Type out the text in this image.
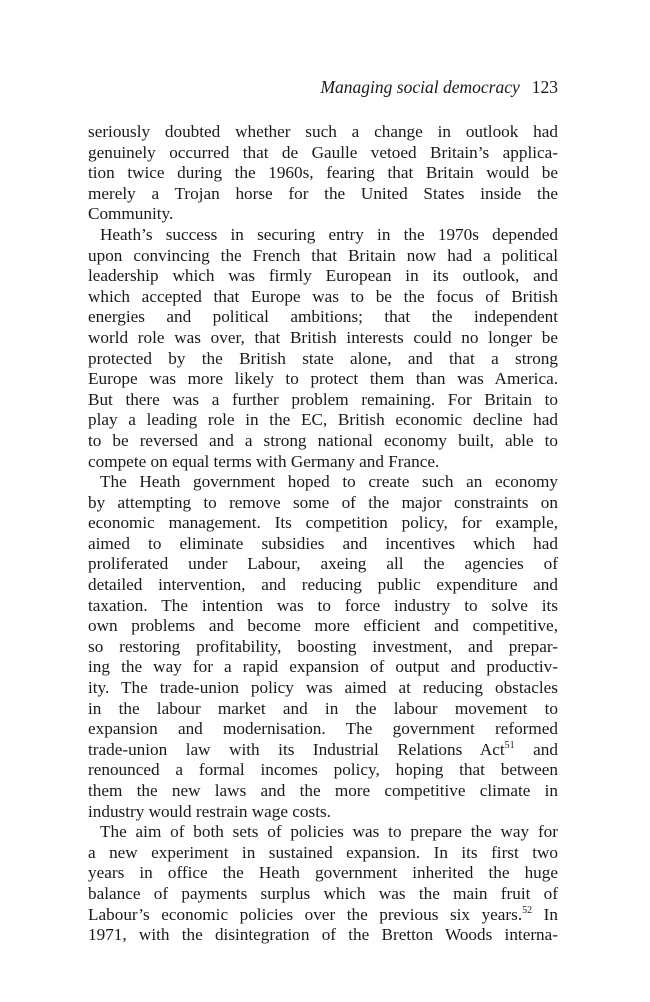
Managing social democracy 123
seriously doubted whether such a change in outlook had
genuinely occurred that de Gaulle vetoed Britain’s applica-
tion twice during the 1960s, fearing that Britain would be
merely a Trojan horse for the United States inside the
Community.
Heath’s success in securing entry in the 1970s depended
upon convincing the French that Britain now had a political
leadership which was firmly European in its outlook, and
which accepted that Europe was to be the focus of British
energies and political ambitions; that the independent
world role was over, that British interests could no longer be
protected by the British state alone, and that a strong
Europe was more likely to protect them than was America.
But there was a further problem remaining. For Britain to
play a leading role in the EC, British economic decline had
to be reversed and a strong national economy built, able to
compete on equal terms with Germany and France.
The Heath government hoped to create such an economy
by attempting to remove some of the major constraints on
economic management. Its competition policy, for example,
aimed to eliminate subsidies and incentives which had
proliferated under Labour, axeing all the agencies of
detailed intervention, and reducing public expenditure and
taxation. The intention was to force industry to solve its
own problems and become more efficient and competitive,
so restoring profitability, boosting investment, and prepar-
ing the way for a rapid expansion of output and productiv-
ity. The trade-union policy was aimed at reducing obstacles
in the labour market and in the labour movement to
expansion and modernisation. The government reformed
trade-union law with its Industrial Relations Act$^{51}$ and
renounced a formal incomes policy, hoping that between
them the new laws and the more competitive climate in
industry would restrain wage costs.
The aim of both sets of policies was to prepare the way for
a new experiment in sustained expansion. In its first two
years in office the Heath government inherited the huge
balance of payments surplus which was the main fruit of
Labour’s economic policies over the previous six years.$^{52}$ In
1971, with the disintegration of the Bretton Woods interna-
